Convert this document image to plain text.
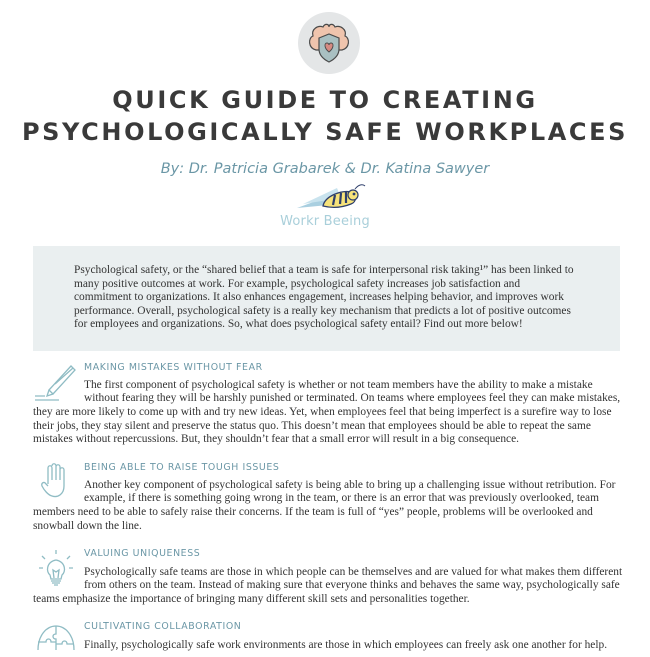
QUICK GUIDE TO CREATING
PSYCHOLOGICALLY SAFE WORKPLACES
By: Dr. Patricia Grabarek & Dr. Katina Sawyer
Workr Beeing
Psychological safety, or the “shared belief that a team is safe for interpersonal risk taking¹” has been linked to many positive outcomes at work. For example, psychological safety increases job satisfaction and commitment to organizations. It also enhances engagement, increases helping behavior, and improves work performance. Overall, psychological safety is a really key mechanism that predicts a lot of positive outcomes for employees and organizations. So, what does psychological safety entail? Find out more below!
MAKING MISTAKES WITHOUT FEAR
The first component of psychological safety is whether or not team members have the ability to make a mistake
without fearing they will be harshly punished or terminated. On teams where employees feel they can make mistakes,
they are more likely to come up with and try new ideas. Yet, when employees feel that being imperfect is a surefire way to lose their jobs, they stay silent and preserve the status quo. This doesn’t mean that employees should be able to repeat the same mistakes without repercussions. But, they shouldn’t fear that a small error will result in a big consequence.
BEING ABLE TO RAISE TOUGH ISSUES
Another key component of psychological safety is being able to bring up a challenging issue without retribution. For
example, if there is something going wrong in the team, or there is an error that was previously overlooked, team
members need to be able to safely raise their concerns. If the team is full of “yes” people, problems will be overlooked and snowball down the line.
VALUING UNIQUENESS
Psychologically safe teams are those in which people can be themselves and are valued for what makes them different
from others on the team. Instead of making sure that everyone thinks and behaves the same way, psychologically safe
teams emphasize the importance of bringing many different skill sets and personalities together.
CULTIVATING COLLABORATION
Finally, psychologically safe work environments are those in which employees can freely ask one another for help.
